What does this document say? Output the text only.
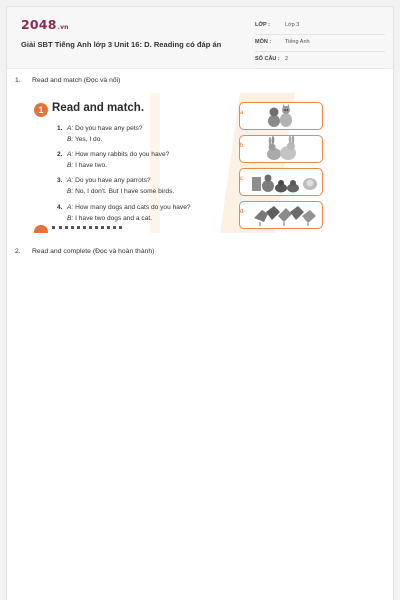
2048.vn
Giải SBT Tiếng Anh lớp 3 Unit 16: D. Reading có đáp án
LỚP :	Lớp 3
MÔN :	Tiếng Anh
SỐ CÂU : 2
1. Read and match (Đọc và nối)
1 Read and match.
1. A: Do you have any pets?
B: Yes, I do.
2. A: How many rabbits do you have?
B: I have two.
3. A: Do you have any parrots?
B: No, I don't. But I have some birds.
4. A: How many dogs and cats do you have?
B: I have two dogs and a cat.
a
b
c
d
2. Read and complete (Đọc và hoàn thành)
